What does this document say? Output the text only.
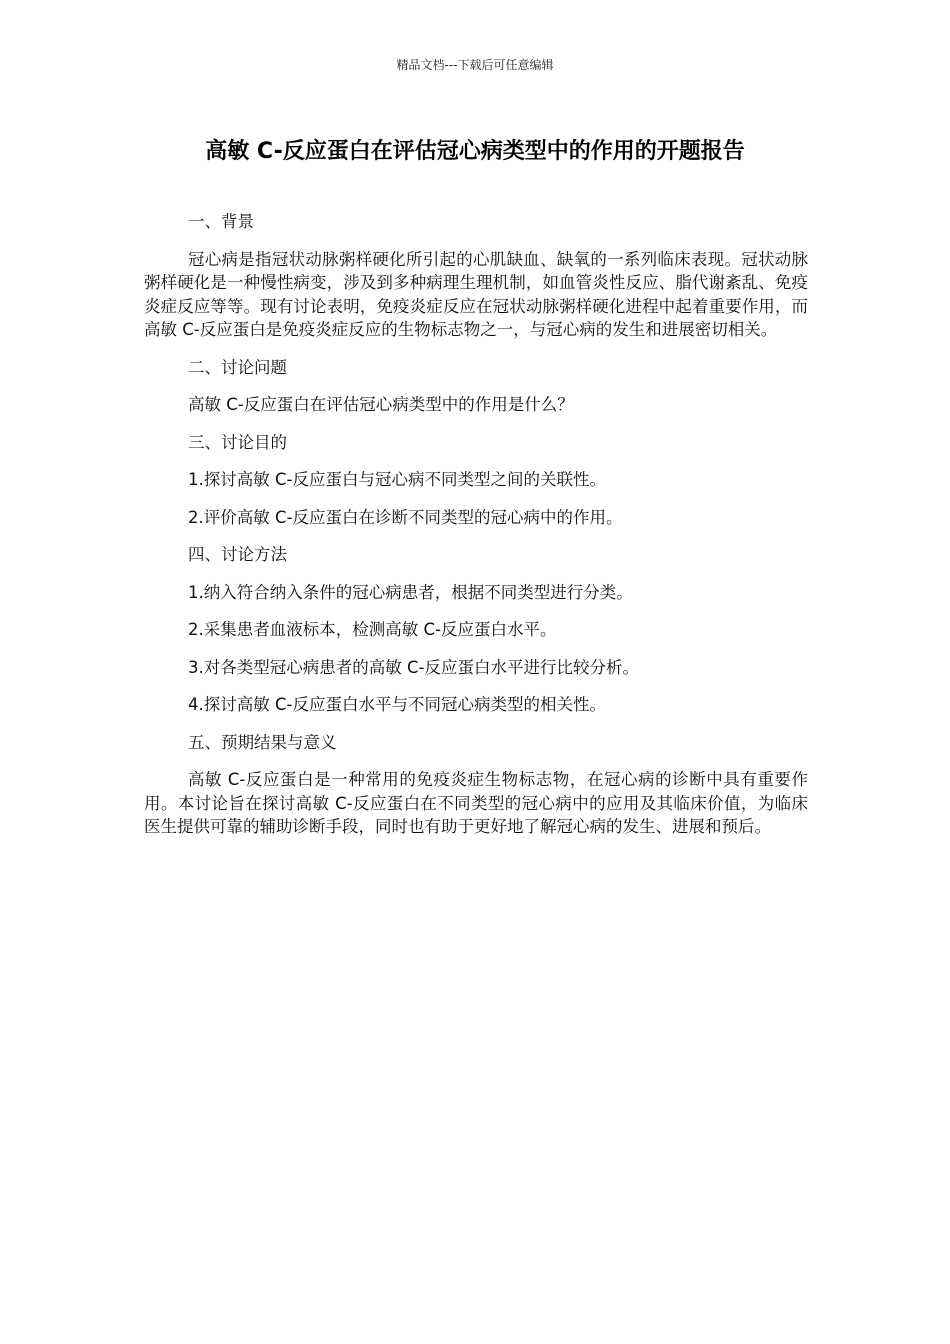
精品文档---下载后可任意编辑
高敏 C-反应蛋白在评估冠心病类型中的作用的开题报告

一、背景

冠心病是指冠状动脉粥样硬化所引起的心肌缺血、缺氧的一系列临床表现。冠状动脉粥样硬化是一种慢性病变，涉及到多种病理生理机制，如血管炎性反应、脂代谢紊乱、免疫炎症反应等等。现有讨论表明，免疫炎症反应在冠状动脉粥样硬化进程中起着重要作用，而高敏 C-反应蛋白是免疫炎症反应的生物标志物之一，与冠心病的发生和进展密切相关。

二、讨论问题

高敏 C-反应蛋白在评估冠心病类型中的作用是什么？

三、讨论目的

1.探讨高敏 C-反应蛋白与冠心病不同类型之间的关联性。

2.评价高敏 C-反应蛋白在诊断不同类型的冠心病中的作用。

四、讨论方法

1.纳入符合纳入条件的冠心病患者，根据不同类型进行分类。

2.采集患者血液标本，检测高敏 C-反应蛋白水平。

3.对各类型冠心病患者的高敏 C-反应蛋白水平进行比较分析。

4.探讨高敏 C-反应蛋白水平与不同冠心病类型的相关性。

五、预期结果与意义

高敏 C-反应蛋白是一种常用的免疫炎症生物标志物，在冠心病的诊断中具有重要作用。本讨论旨在探讨高敏 C-反应蛋白在不同类型的冠心病中的应用及其临床价值，为临床医生提供可靠的辅助诊断手段，同时也有助于更好地了解冠心病的发生、进展和预后。
